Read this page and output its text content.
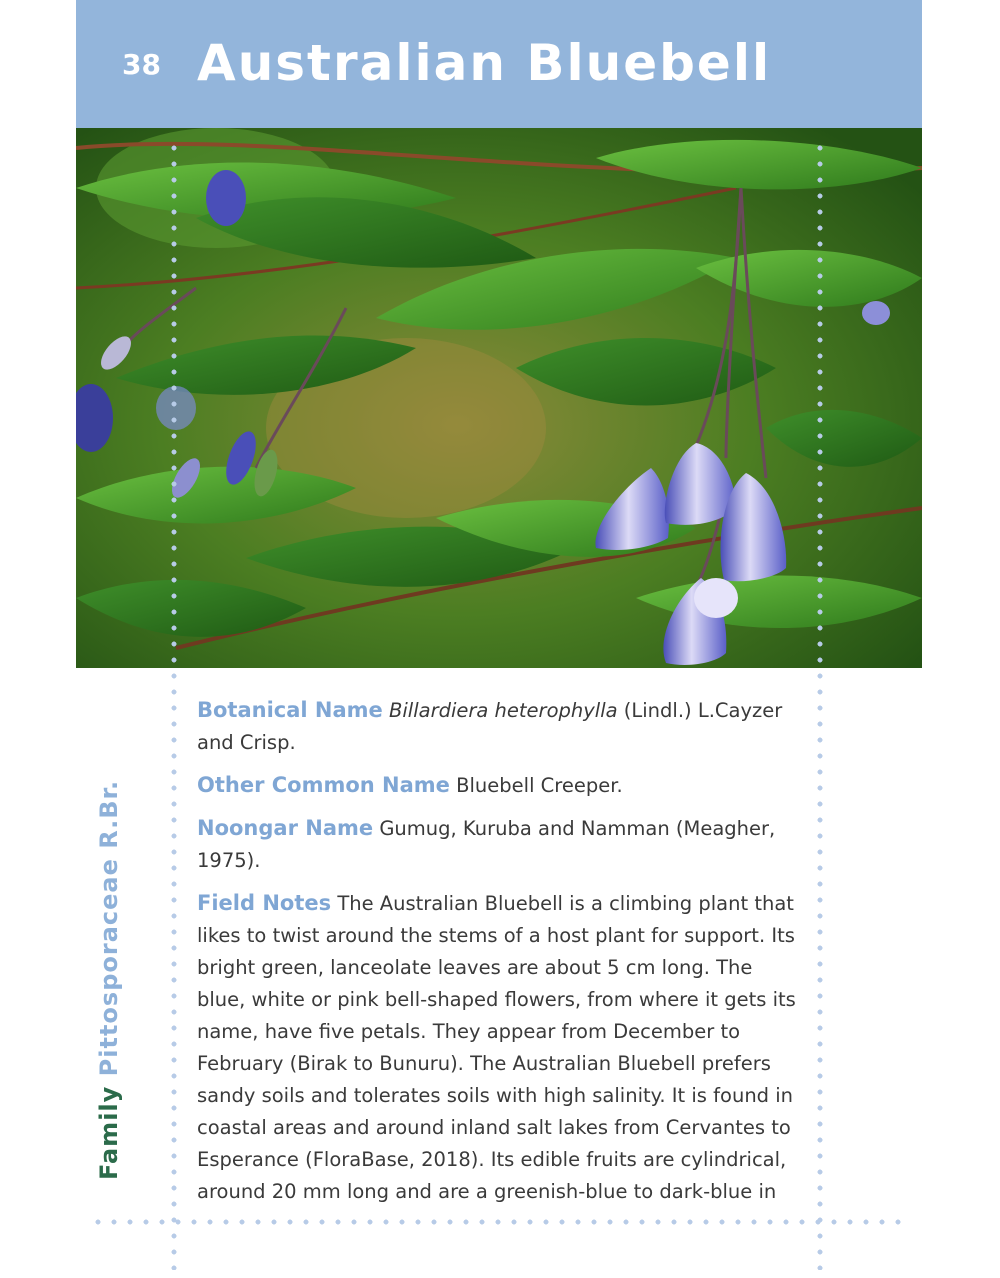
38 Australian Bluebell
Family Pittosporaceae R.Br.

Botanical Name Billardiera heterophylla (Lindl.) L.Cayzer and Crisp.

Other Common Name Bluebell Creeper.

Noongar Name Gumug, Kuruba and Namman (Meagher, 1975).

Field Notes The Australian Bluebell is a climbing plant that likes to twist around the stems of a host plant for support. Its bright green, lanceolate leaves are about 5 cm long. The blue, white or pink bell-shaped flowers, from where it gets its name, have five petals. They appear from December to February (Birak to Bunuru). The Australian Bluebell prefers sandy soils and tolerates soils with high salinity. It is found in coastal areas and around inland salt lakes from Cervantes to Esperance (FloraBase, 2018). Its edible fruits are cylindrical, around 20 mm long and are a greenish-blue to dark-blue in
